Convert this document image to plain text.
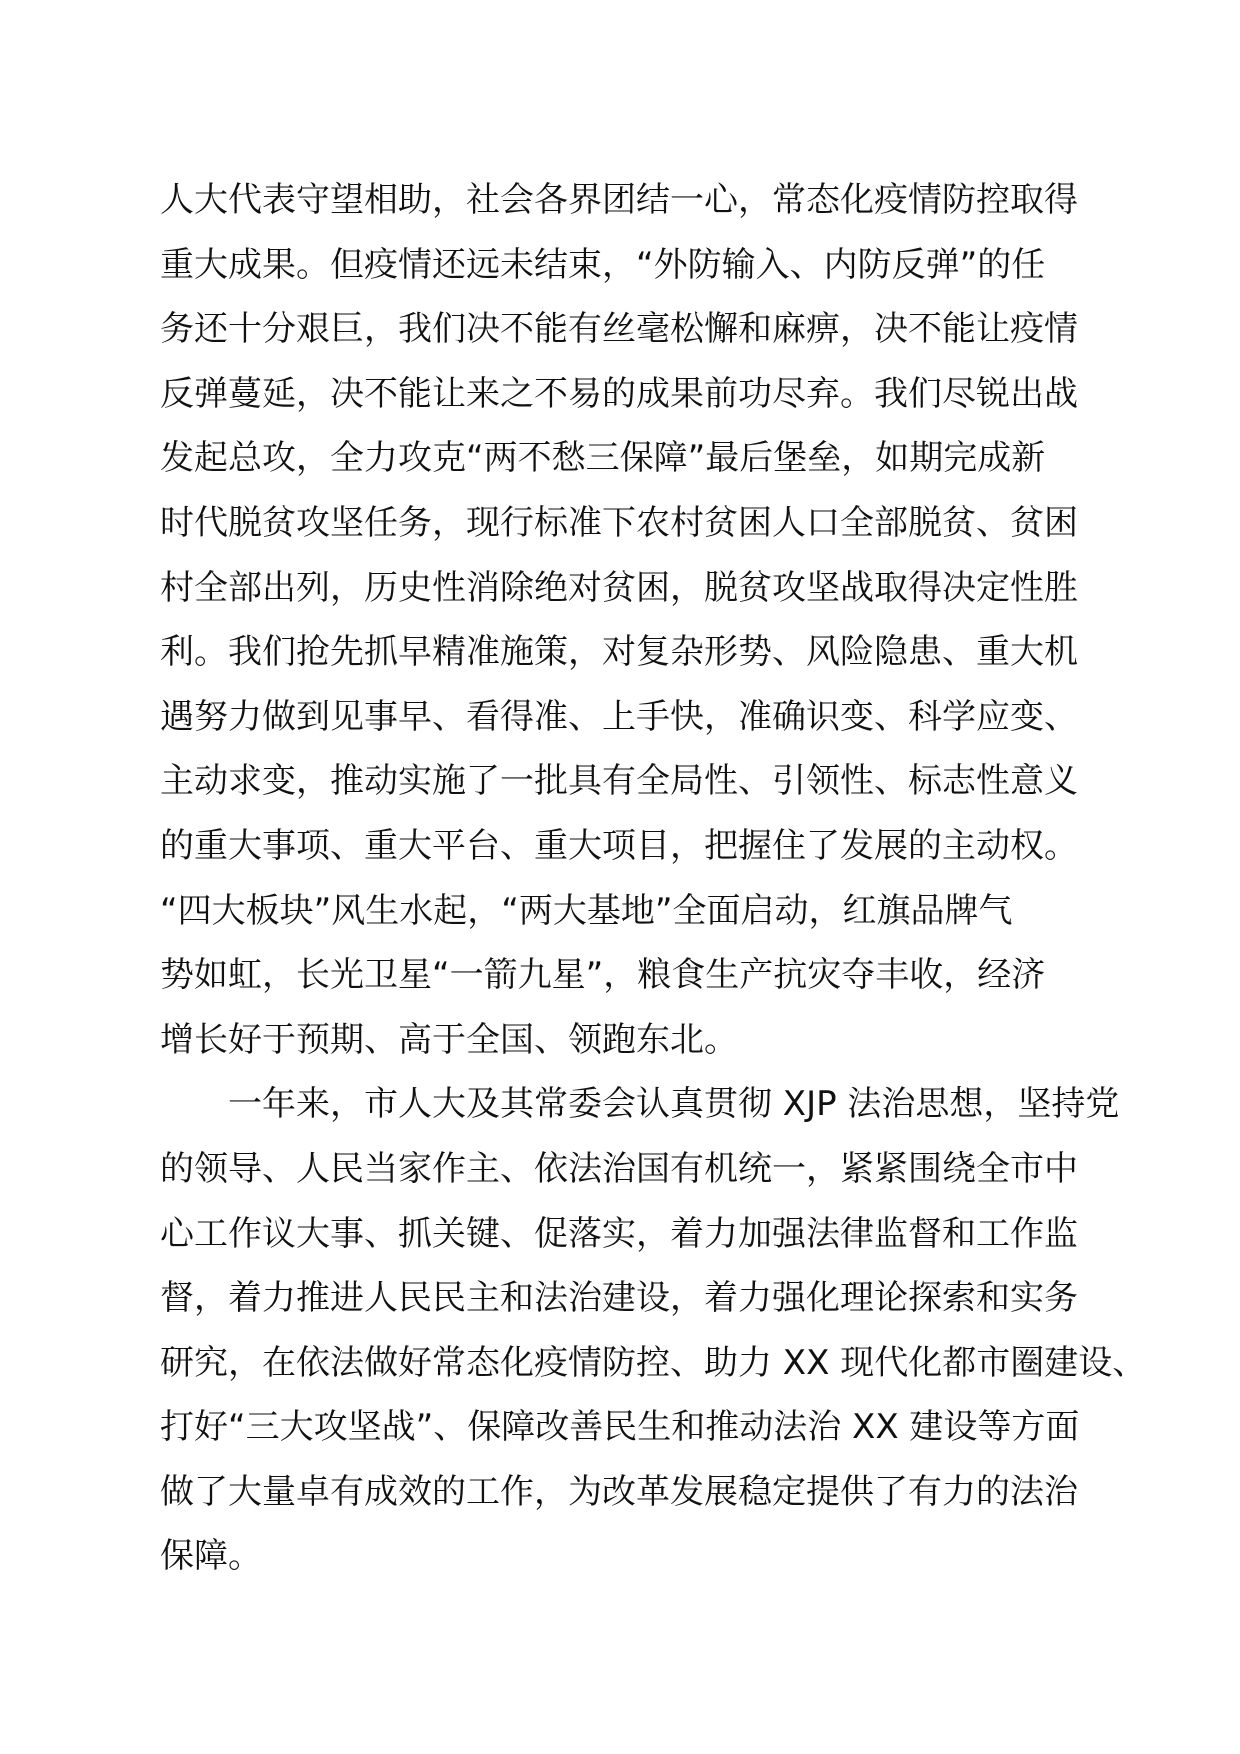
人大代表守望相助，社会各界团结一心，常态化疫情防控取得
重大成果。但疫情还远未结束，“外防输入、内防反弹”的任
务还十分艰巨，我们决不能有丝毫松懈和麻痹，决不能让疫情
反弹蔓延，决不能让来之不易的成果前功尽弃。我们尽锐出战
发起总攻，全力攻克“两不愁三保障”最后堡垒，如期完成新
时代脱贫攻坚任务，现行标准下农村贫困人口全部脱贫、贫困
村全部出列，历史性消除绝对贫困，脱贫攻坚战取得决定性胜
利。我们抢先抓早精准施策，对复杂形势、风险隐患、重大机
遇努力做到见事早、看得准、上手快，准确识变、科学应变、
主动求变，推动实施了一批具有全局性、引领性、标志性意义
的重大事项、重大平台、重大项目，把握住了发展的主动权。
“四大板块”风生水起，“两大基地”全面启动，红旗品牌气
势如虹，长光卫星“一箭九星”，粮食生产抗灾夺丰收，经济
增长好于预期、高于全国、领跑东北。
　　一年来，市人大及其常委会认真贯彻 XJP 法治思想，坚持党
的领导、人民当家作主、依法治国有机统一，紧紧围绕全市中
心工作议大事、抓关键、促落实，着力加强法律监督和工作监
督，着力推进人民民主和法治建设，着力强化理论探索和实务
研究，在依法做好常态化疫情防控、助力 XX 现代化都市圈建设、
打好“三大攻坚战”、保障改善民生和推动法治 XX 建设等方面
做了大量卓有成效的工作，为改革发展稳定提供了有力的法治
保障。
